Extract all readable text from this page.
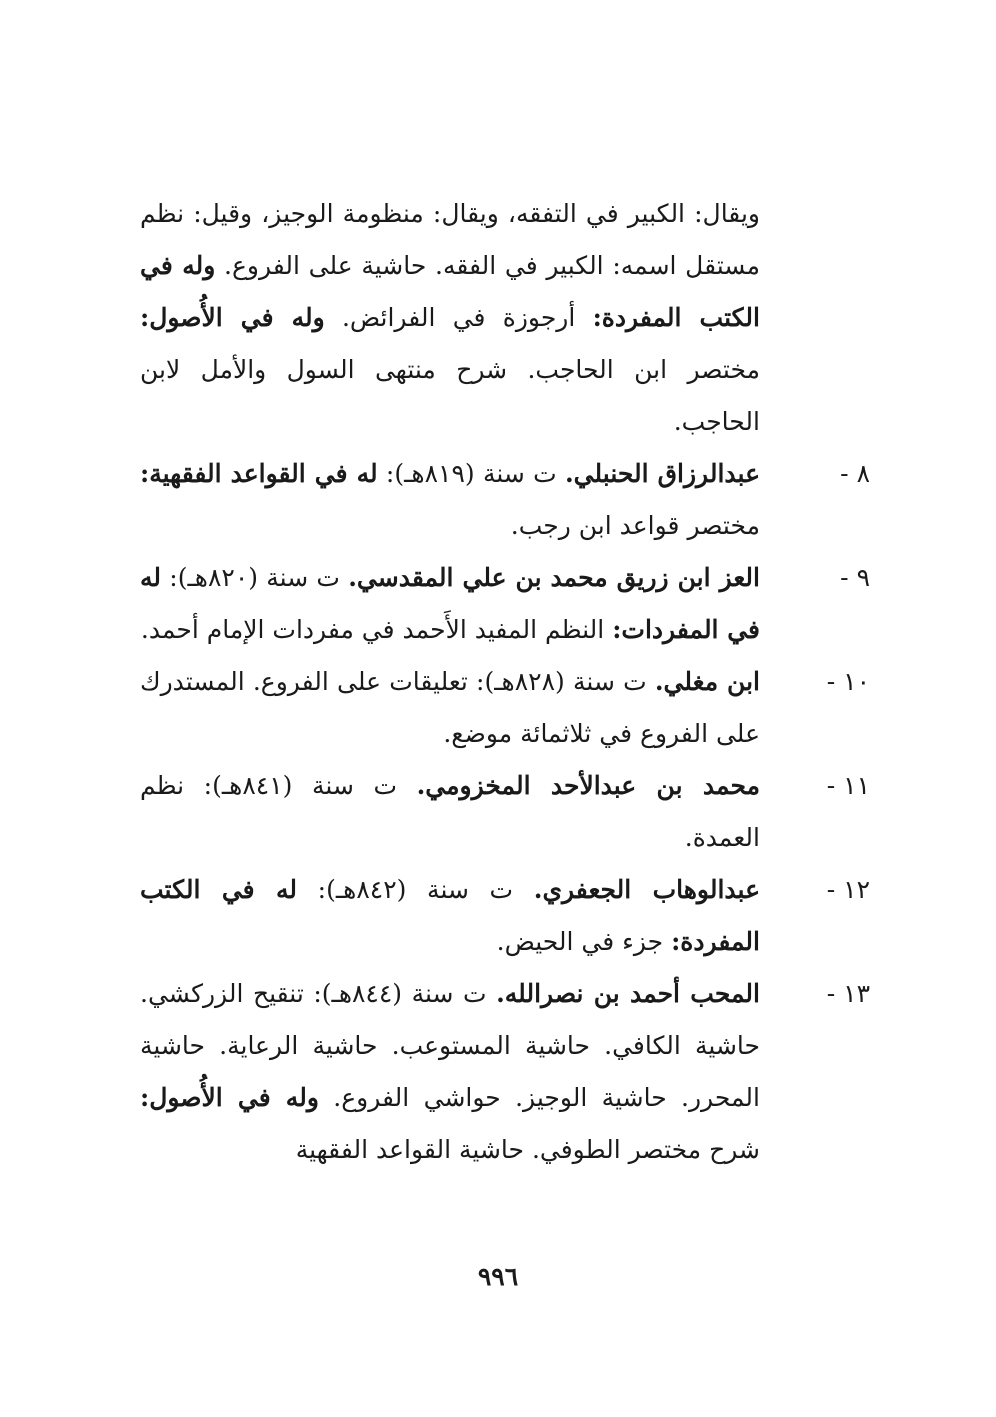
ويقال: الكبير في التفقه، ويقال: منظومة الوجيز، وقيل: نظم مستقل اسمه: الكبير في الفقه. حاشية على الفروع. وله في الكتب المفردة: أرجوزة في الفرائض. وله في الأُصول: مختصر ابن الحاجب. شرح منتهى السول والأمل لابن الحاجب.

٨ -
عبدالرزاق الحنبلي. ت سنة (٨١٩هـ): له في القواعد الفقهية: مختصر قواعد ابن رجب.

٩ -
العز ابن زريق محمد بن علي المقدسي. ت سنة (٨٢٠هـ): له في المفردات: النظم المفيد الأَحمد في مفردات الإمام أحمد.

١٠ -
ابن مغلي. ت سنة (٨٢٨هـ): تعليقات على الفروع. المستدرك على الفروع في ثلاثمائة موضع.

١١ -
محمد بن عبدالأحد المخزومي. ت سنة (٨٤١هـ): نظم العمدة.

١٢ -
عبدالوهاب الجعفري. ت سنة (٨٤٢هـ): له في الكتب المفردة: جزء في الحيض.

١٣ -
المحب أحمد بن نصرالله. ت سنة (٨٤٤هـ): تنقيح الزركشي. حاشية الكافي. حاشية المستوعب. حاشية الرعاية. حاشية المحرر. حاشية الوجيز. حواشي الفروع. وله في الأُصول: شرح مختصر الطوفي. حاشية القواعد الفقهية

٩٩٦
